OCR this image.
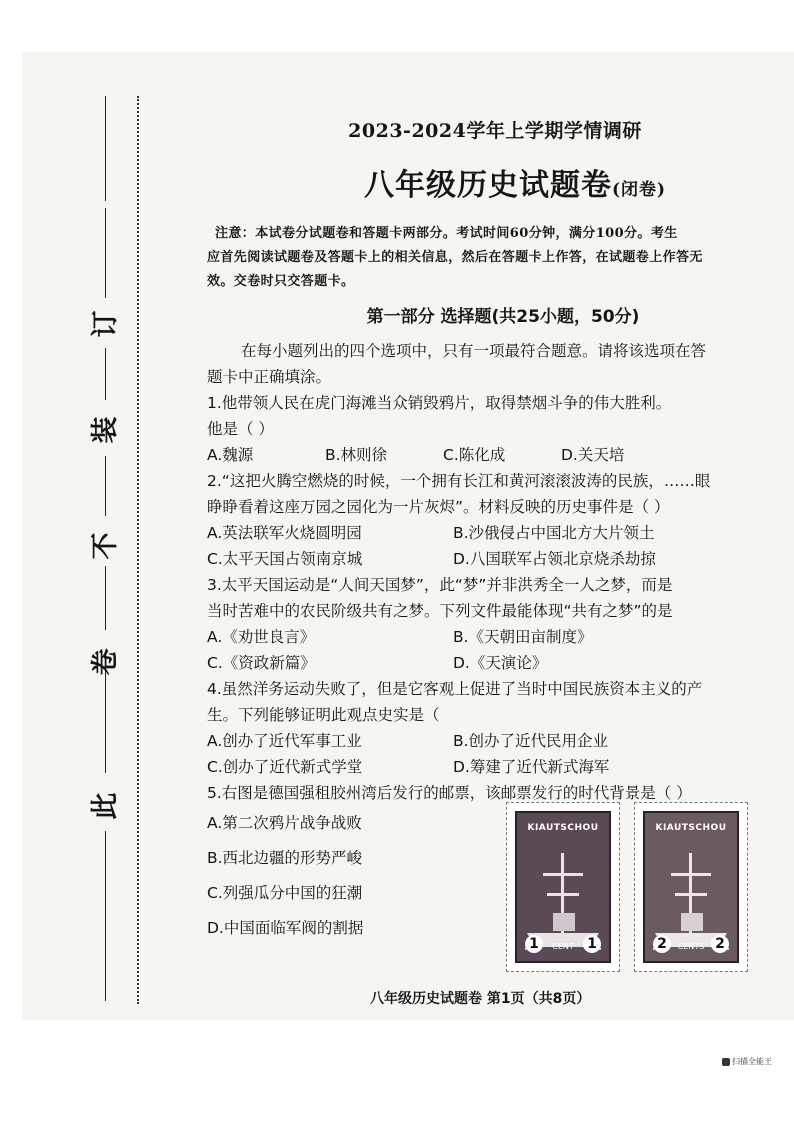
此
卷
不
装
订
2023-2024学年上学期学情调研
八年级历史试题卷(闭卷)
注意：本试卷分试题卷和答题卡两部分。考试时间60分钟，满分100分。考生
应首先阅读试题卷及答题卡上的相关信息，然后在答题卡上作答，在试题卷上作答无
效。交卷时只交答题卡。
第一部分 选择题(共25小题，50分)
在每小题列出的四个选项中，只有一项最符合题意。请将该选项在答
题卡中正确填涂。
1.他带领人民在虎门海滩当众销毁鸦片，取得禁烟斗争的伟大胜利。
他是（ ）
A.魏源	B.林则徐	C.陈化成	D.关天培
2.“这把火腾空燃烧的时候，一个拥有长江和黄河滚滚波涛的民族，……眼
睁睁看着这座万园之园化为一片灰烬”。材料反映的历史事件是（ ）
A.英法联军火烧圆明园	B.沙俄侵占中国北方大片领土
C.太平天国占领南京城	D.八国联军占领北京烧杀劫掠
3.太平天国运动是“人间天国梦”，此“梦”并非洪秀全一人之梦，而是
当时苦难中的农民阶级共有之梦。下列文件最能体现“共有之梦”的是
A.《劝世良言》	B.《天朝田亩制度》
C.《资政新篇》	D.《天演论》
4.虽然洋务运动失败了，但是它客观上促进了当时中国民族资本主义的产
生。下列能够证明此观点史实是（
A.创办了近代军事工业	B.创办了近代民用企业
C.创办了近代新式学堂	D.筹建了近代新式海军
5.右图是德国强租胶州湾后发行的邮票，该邮票发行的时代背景是（ ）
A.第二次鸦片战争战败
B.西北边疆的形势严峻
C.列强瓜分中国的狂潮
D.中国面临军阀的割据
KIAUTSCHOU
1	CENT 1
KIAUTSCHOU
2	CENTS 2
八年级历史试题卷 第1页（共8页）
扫描全能王
